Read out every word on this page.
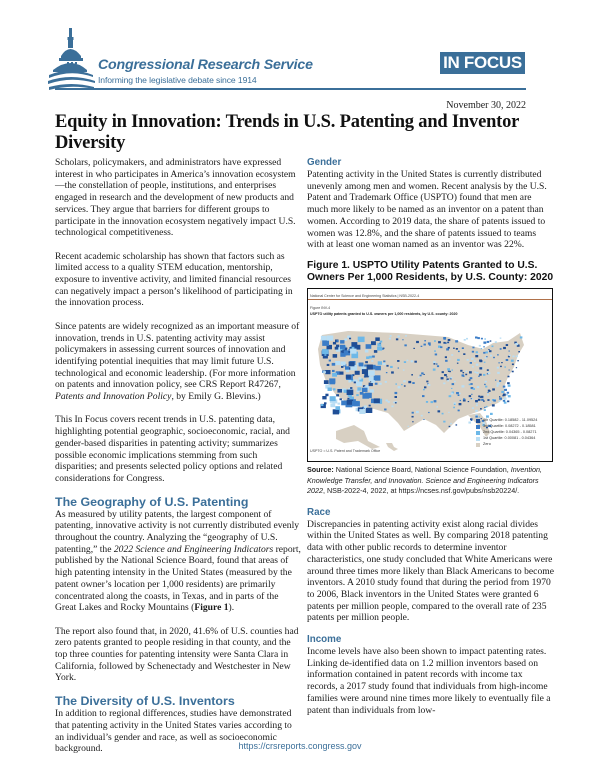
Congressional Research Service
Informing the legislative debate since 1914
IN FOCUS
November 30, 2022
Equity in Innovation: Trends in U.S. Patenting and Inventor Diversity

Scholars, policymakers, and administrators have expressed interest in who participates in America’s innovation ecosystem—the constellation of people, institutions, and enterprises engaged in research and the development of new products and services. They argue that barriers for different groups to participate in the innovation ecosystem negatively impact U.S. technological competitiveness.

Recent academic scholarship has shown that factors such as limited access to a quality STEM education, mentorship, exposure to inventive activity, and limited financial resources can negatively impact a person’s likelihood of participating in the innovation process.

Since patents are widely recognized as an important measure of innovation, trends in U.S. patenting activity may assist policymakers in assessing current sources of innovation and identifying potential inequities that may limit future U.S. technological and economic leadership. (For more information on patents and innovation policy, see CRS Report R47267, Patents and Innovation Policy, by Emily G. Blevins.)

This In Focus covers recent trends in U.S. patenting data, highlighting potential geographic, socioeconomic, racial, and gender-based disparities in patenting activity; summarizes possible economic implications stemming from such disparities; and presents selected policy options and related considerations for Congress.

The Geography of U.S. Patenting

As measured by utility patents, the largest component of patenting, innovative activity is not currently distributed evenly throughout the country. Analyzing the “geography of U.S. patenting,” the 2022 Science and Engineering Indicators report, published by the National Science Board, found that areas of high patenting intensity in the United States (measured by the patent owner’s location per 1,000 residents) are primarily concentrated along the coasts, in Texas, and in parts of the Great Lakes and Rocky Mountains (Figure 1).

The report also found that, in 2020, 41.6% of U.S. counties had zero patents granted to people residing in that county, and the top three counties for patenting intensity were Santa Clara in California, followed by Schenectady and Westchester in New York.

The Diversity of U.S. Inventors

In addition to regional differences, studies have demonstrated that patenting activity in the United States varies according to an individual’s gender and race, as well as socioeconomic background.

Gender

Patenting activity in the United States is currently distributed unevenly among men and women. Recent analysis by the U.S. Patent and Trademark Office (USPTO) found that men are much more likely to be named as an inventor on a patent than women. According to 2019 data, the share of patents issued to women was 12.8%, and the share of patents issued to teams with at least one woman named as an inventor was 22%.

Figure 1. USPTO Utility Patents Granted to U.S. Owners Per 1,000 Residents, by U.S. County: 2020
National Center for Science and Engineering Statistics | NSB-2022-4
Figure INV-4
USPTO utility patents granted to U.S. owners per 1,000 residents, by U.S. county: 2020
4th Quartile: 0.18582 - 11.09524
3rd Quartile: 0.08272 - 0.18581
2nd Quartile: 0.04365 - 0.08271
1st Quartile: 0.00081 - 0.04364
Zero
USPTO = U.S. Patent and Trademark Office
Source: National Science Board, National Science Foundation, Invention, Knowledge Transfer, and Innovation. Science and Engineering Indicators 2022, NSB-2022-4, 2022, at https://ncses.nsf.gov/pubs/nsb20224/.
Race

Discrepancies in patenting activity exist along racial divides within the United States as well. By comparing 2018 patenting data with other public records to determine inventor characteristics, one study concluded that White Americans were around three times more likely than Black Americans to become inventors. A 2010 study found that during the period from 1970 to 2006, Black inventors in the United States were granted 6 patents per million people, compared to the overall rate of 235 patents per million people.

Income

Income levels have also been shown to impact patenting rates. Linking de-identified data on 1.2 million inventors based on information contained in patent records with income tax records, a 2017 study found that individuals from high-income families were around nine times more likely to eventually file a patent than individuals from low-

https://crsreports.congress.gov
